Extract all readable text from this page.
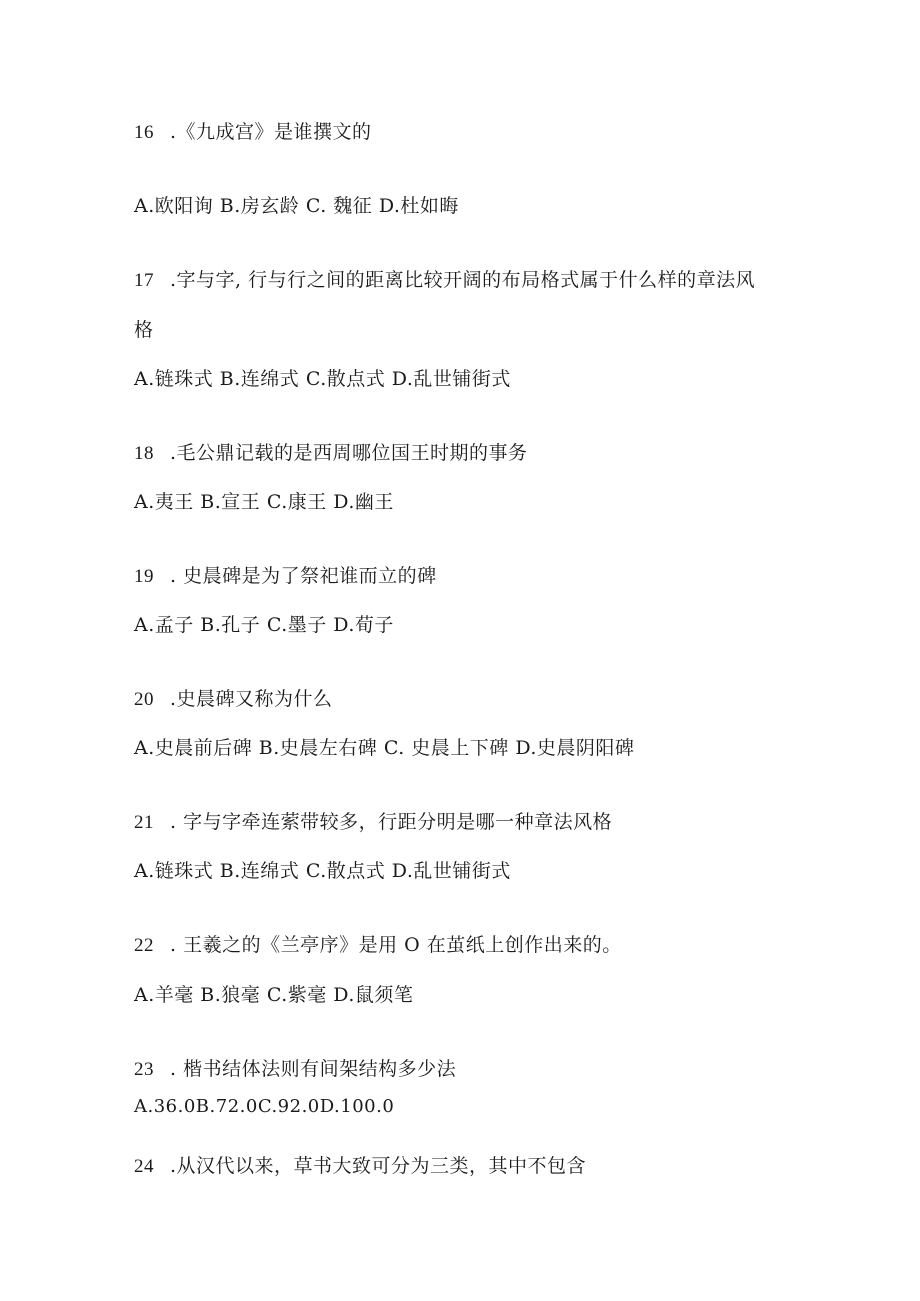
16 .《九成宫》是谁撰文的
A.欧阳询 B.房玄龄 C. 魏征 D.杜如晦
17 .字与字, 行与行之间的距离比较开阔的布局格式属于什么样的章法风
格
A.链珠式 B.连绵式 C.散点式 D.乱世铺街式
18 .毛公鼎记载的是西周哪位国王时期的事务
A.夷王 B.宣王 C.康王 D.幽王
19 . 史晨碑是为了祭祀谁而立的碑
A.孟子 B.孔子 C.墨子 D.荀子
20 .史晨碑又称为什么
A.史晨前后碑 B.史晨左右碑 C. 史晨上下碑 D.史晨阴阳碑
21 . 字与字牵连萦带较多，行距分明是哪一种章法风格
A.链珠式 B.连绵式 C.散点式 D.乱世铺街式
22 . 王羲之的《兰亭序》是用 O 在茧纸上创作出来的。
A.羊毫 B.狼毫 C.紫毫 D.鼠须笔
23 . 楷书结体法则有间架结构多少法
A.36.0B.72.0C.92.0D.100.0
24 .从汉代以来，草书大致可分为三类，其中不包含
